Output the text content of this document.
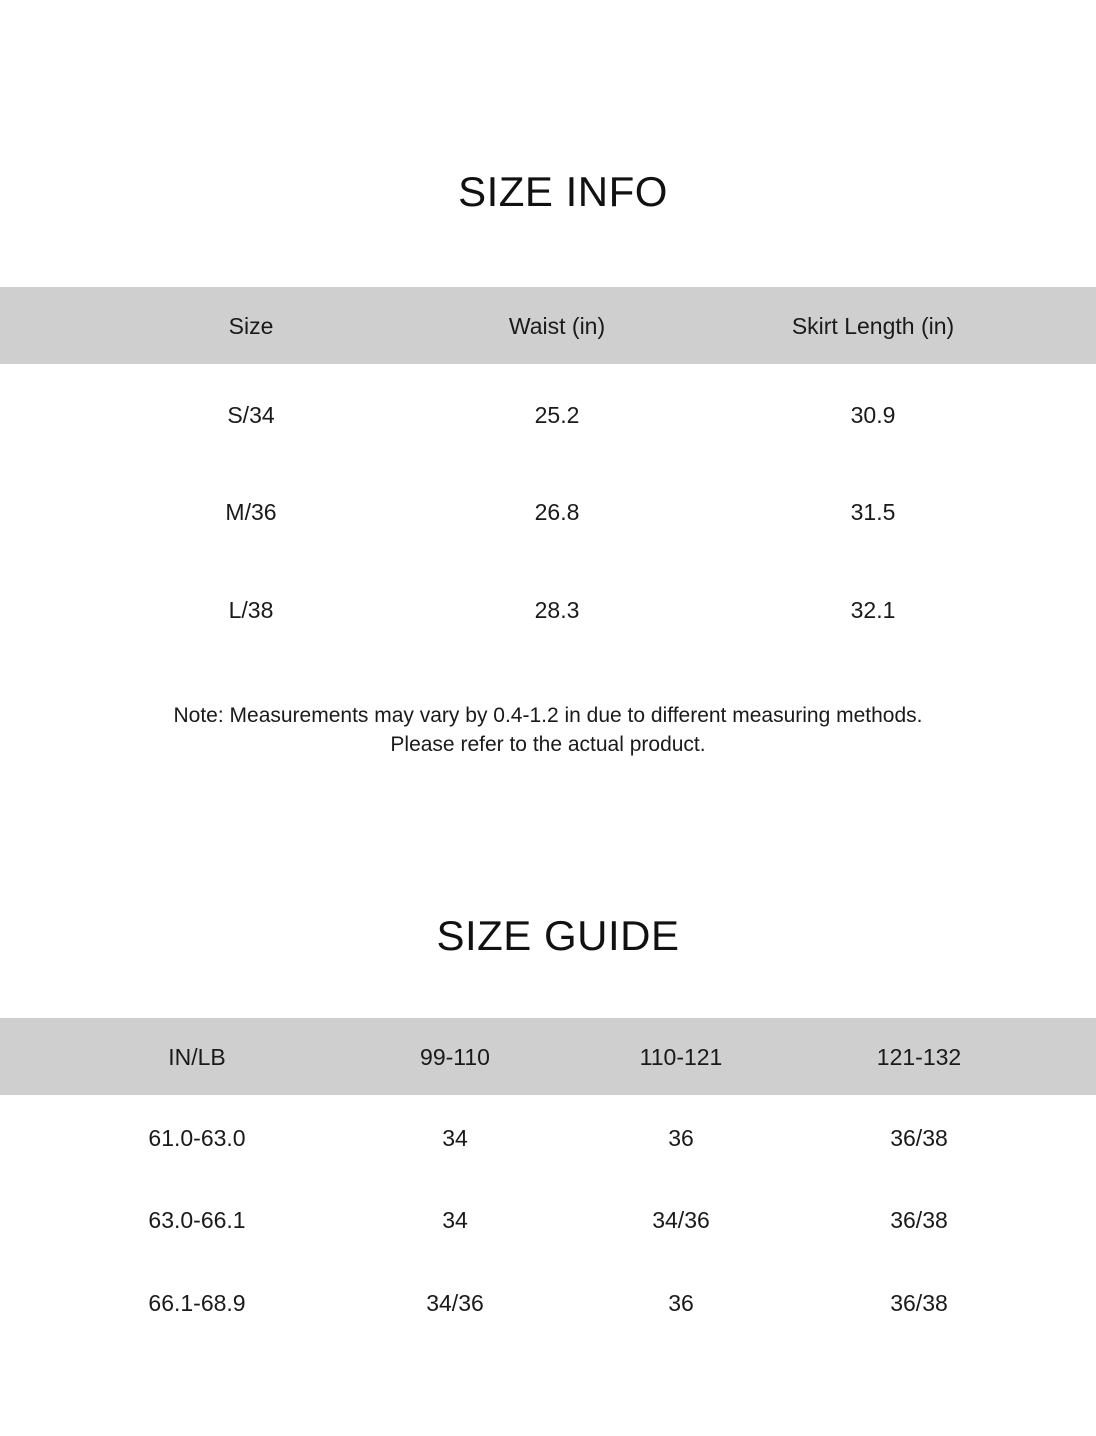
SIZE INFO
Size	Waist (in)	Skirt Length (in)
S/34	25.2	30.9
M/36	26.8	31.5
L/38	28.3	32.1
Note: Measurements may vary by 0.4-1.2 in due to different measuring methods.
Please refer to the actual product.
SIZE GUIDE
IN/LB	99-110	110-121	121-132
61.0-63.0	34	36	36/38
63.0-66.1	34	34/36	36/38
66.1-68.9	34/36	36	36/38
